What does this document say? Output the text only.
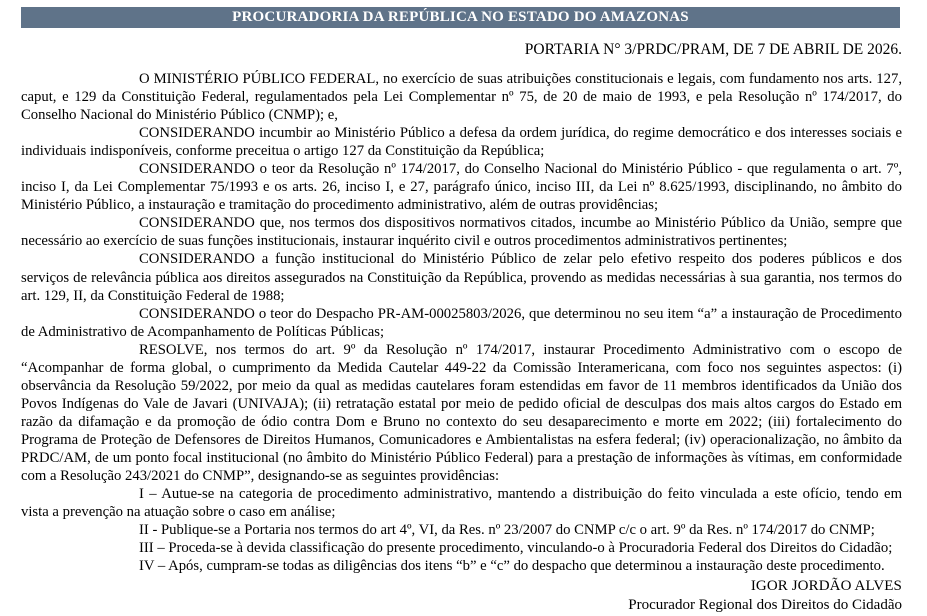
PROCURADORIA DA REPÚBLICA NO ESTADO DO AMAZONAS
PORTARIA N° 3/PRDC/PRAM, DE 7 DE ABRIL DE 2026.

O MINISTÉRIO PÚBLICO FEDERAL, no exercício de suas atribuições constitucionais e legais, com fundamento nos arts. 127, caput, e 129 da Constituição Federal, regulamentados pela Lei Complementar nº 75, de 20 de maio de 1993, e pela Resolução nº 174/2017, do Conselho Nacional do Ministério Público (CNMP); e,

CONSIDERANDO incumbir ao Ministério Público a defesa da ordem jurídica, do regime democrático e dos interesses sociais e individuais indisponíveis, conforme preceitua o artigo 127 da Constituição da República;

CONSIDERANDO o teor da Resolução nº 174/2017, do Conselho Nacional do Ministério Público - que regulamenta o art. 7º, inciso I, da Lei Complementar 75/1993 e os arts. 26, inciso I, e 27, parágrafo único, inciso III, da Lei nº 8.625/1993, disciplinando, no âmbito do Ministério Público, a instauração e tramitação do procedimento administrativo, além de outras providências;

CONSIDERANDO que, nos termos dos dispositivos normativos citados, incumbe ao Ministério Público da União, sempre que necessário ao exercício de suas funções institucionais, instaurar inquérito civil e outros procedimentos administrativos pertinentes;

CONSIDERANDO a função institucional do Ministério Público de zelar pelo efetivo respeito dos poderes públicos e dos serviços de relevância pública aos direitos assegurados na Constituição da República, provendo as medidas necessárias à sua garantia, nos termos do art. 129, II, da Constituição Federal de 1988;

CONSIDERANDO o teor do Despacho PR-AM-00025803/2026, que determinou no seu item “a” a instauração de Procedimento de Administrativo de Acompanhamento de Políticas Públicas;

RESOLVE, nos termos do art. 9º da Resolução nº 174/2017, instaurar Procedimento Administrativo com o escopo de “Acompanhar de forma global, o cumprimento da Medida Cautelar 449-22 da Comissão Interamericana, com foco nos seguintes aspectos: (i) observância da Resolução 59/2022, por meio da qual as medidas cautelares foram estendidas em favor de 11 membros identificados da União dos Povos Indígenas do Vale de Javari (UNIVAJA); (ii) retratação estatal por meio de pedido oficial de desculpas dos mais altos cargos do Estado em razão da difamação e da promoção de ódio contra Dom e Bruno no contexto do seu desaparecimento e morte em 2022; (iii) fortalecimento do Programa de Proteção de Defensores de Direitos Humanos, Comunicadores e Ambientalistas na esfera federal; (iv) operacionalização, no âmbito da PRDC/AM, de um ponto focal institucional (no âmbito do Ministério Público Federal) para a prestação de informações às vítimas, em conformidade com a Resolução 243/2021 do CNMP”, designando-se as seguintes providências:

I – Autue-se na categoria de procedimento administrativo, mantendo a distribuição do feito vinculada a este ofício, tendo em vista a prevenção na atuação sobre o caso em análise;

II - Publique-se a Portaria nos termos do art 4º, VI, da Res. nº 23/2007 do CNMP c/c o art. 9º da Res. nº 174/2017 do CNMP;

III – Proceda-se à devida classificação do presente procedimento, vinculando-o à Procuradoria Federal dos Direitos do Cidadão;

IV – Após, cumpram-se todas as diligências dos itens “b” e “c” do despacho que determinou a instauração deste procedimento.

IGOR JORDÃO ALVES
Procurador Regional dos Direitos do Cidadão
